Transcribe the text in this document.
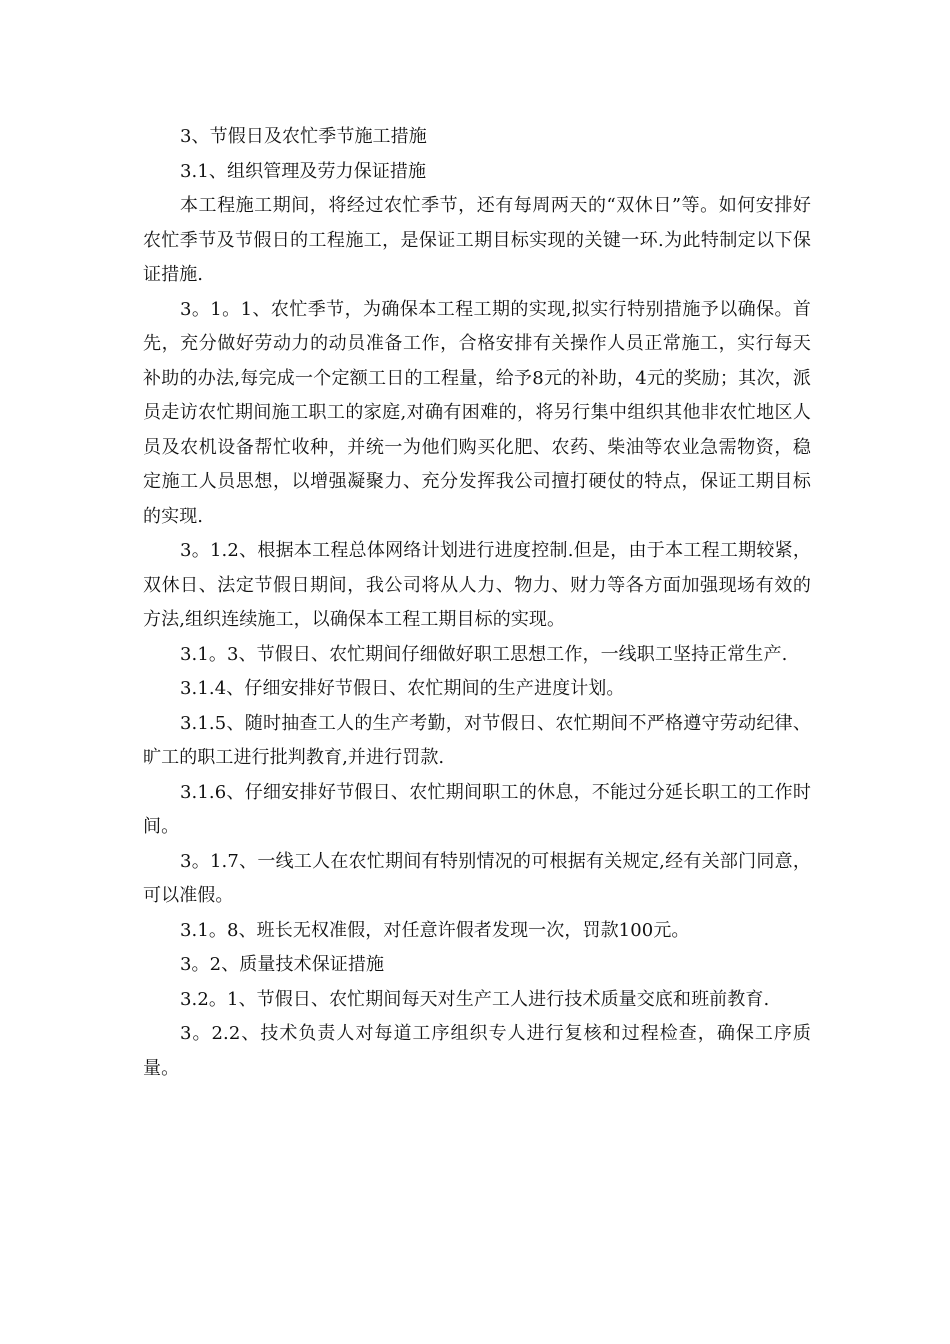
3、节假日及农忙季节施工措施

3.1、组织管理及劳力保证措施

本工程施工期间，将经过农忙季节，还有每周两天的“双休日”等。如何安排好农忙季节及节假日的工程施工，是保证工期目标实现的关键一环.为此特制定以下保证措施.

3。1。1、农忙季节，为确保本工程工期的实现,拟实行特别措施予以确保。首先，充分做好劳动力的动员准备工作，合格安排有关操作人员正常施工，实行每天补助的办法,每完成一个定额工日的工程量，给予8元的补助，4元的奖励；其次，派员走访农忙期间施工职工的家庭,对确有困难的，将另行集中组织其他非农忙地区人员及农机设备帮忙收种，并统一为他们购买化肥、农药、柴油等农业急需物资，稳定施工人员思想，以增强凝聚力、充分发挥我公司擅打硬仗的特点，保证工期目标的实现.

3。1.2、根据本工程总体网络计划进行进度控制.但是，由于本工程工期较紧，双休日、法定节假日期间，我公司将从人力、物力、财力等各方面加强现场有效的方法,组织连续施工，以确保本工程工期目标的实现。

3.1。3、节假日、农忙期间仔细做好职工思想工作，一线职工坚持正常生产.

3.1.4、仔细安排好节假日、农忙期间的生产进度计划。

3.1.5、随时抽查工人的生产考勤，对节假日、农忙期间不严格遵守劳动纪律、旷工的职工进行批判教育,并进行罚款.

3.1.6、仔细安排好节假日、农忙期间职工的休息，不能过分延长职工的工作时间。

3。1.7、一线工人在农忙期间有特别情况的可根据有关规定,经有关部门同意，可以准假。

3.1。8、班长无权准假，对任意许假者发现一次，罚款100元。

3。2、质量技术保证措施

3.2。1、节假日、农忙期间每天对生产工人进行技术质量交底和班前教育.

3。2.2、技术负责人对每道工序组织专人进行复核和过程检查，确保工序质量。
